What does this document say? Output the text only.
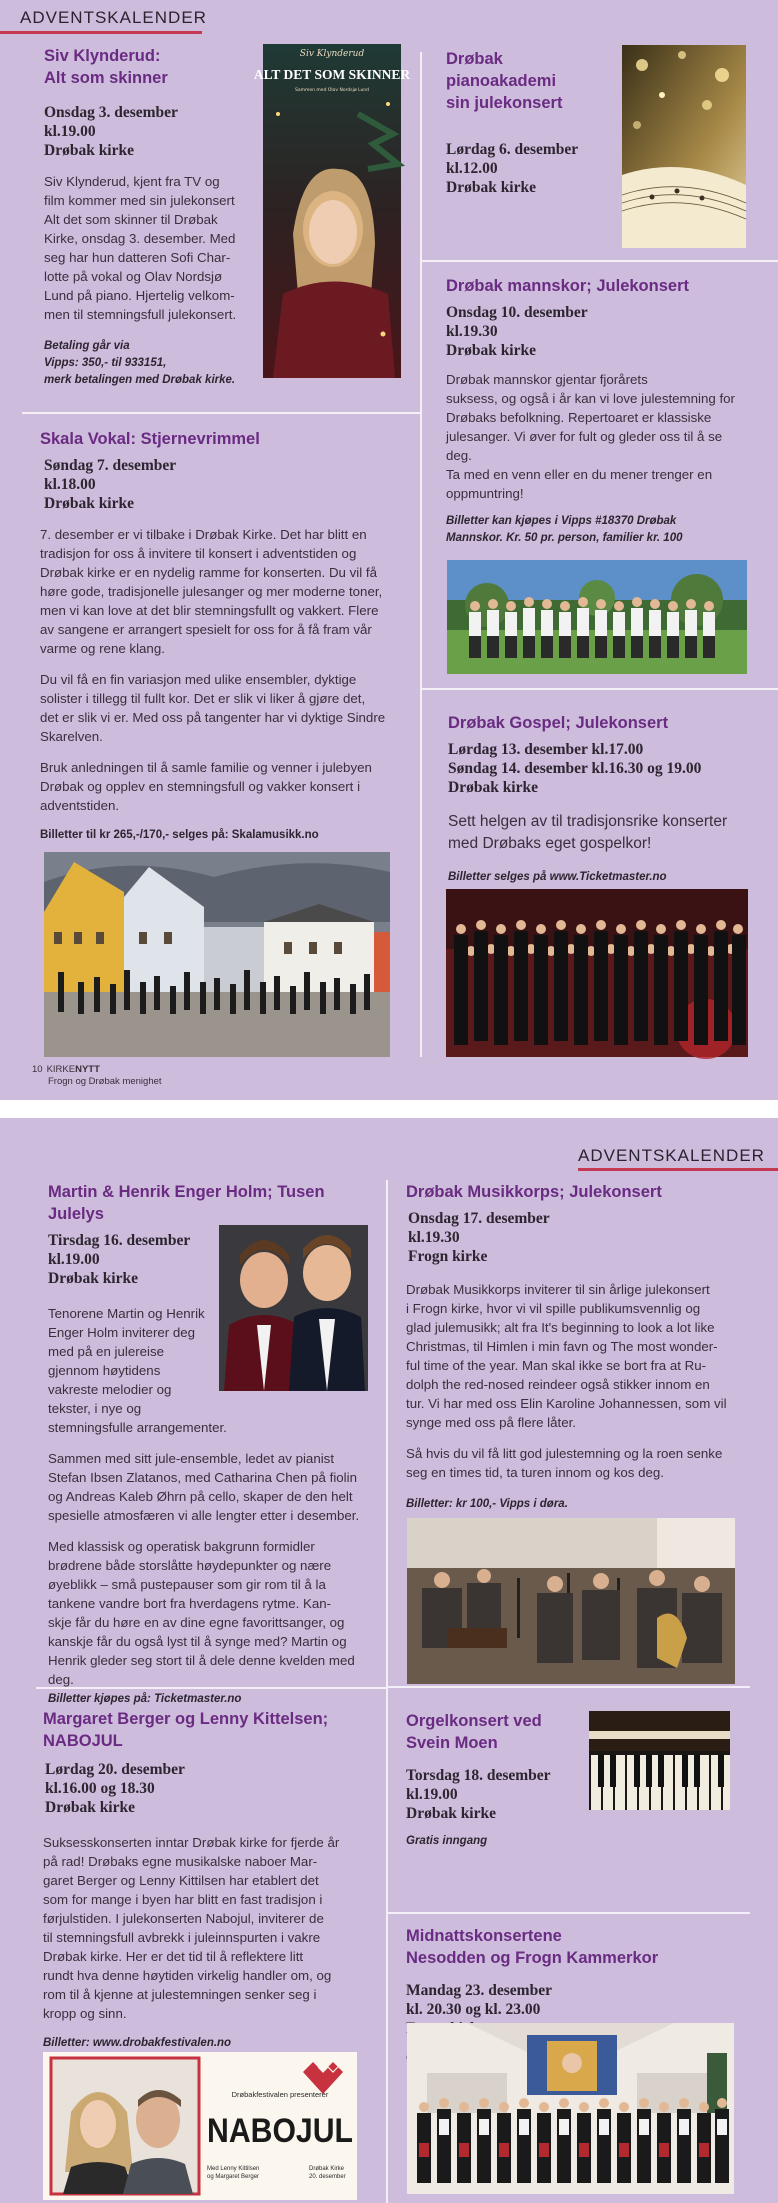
ADVENTSKALENDER
Siv Klynderud:
Alt som skinner
Onsdag 3. desember
kl.19.00
Drøbak kirke
Siv Klynderud, kjent fra TV og
film kommer med sin julekonsert
Alt det som skinner til Drøbak
Kirke, onsdag 3. desember. Med
seg har hun datteren Sofi Char-
lotte på vokal og Olav Nordsjø
Lund på piano. Hjertelig velkom-
men til stemningsfull julekonsert.
Betaling går via
Vipps: 350,- til 933151,
merk betalingen med Drøbak kirke.
Siv Klynderud
ALT DET SOM SKINNER
Sammen med Olav Nordsjø Lund
Drøbak pianoakademi
sin julekonsert
Lørdag 6. desember
kl.12.00
Drøbak kirke
Drøbak mannskor; Julekonsert
Onsdag 10. desember
kl.19.30
Drøbak kirke
Drøbak mannskor gjentar fjorårets
suksess, og også i år kan vi love julestemning for
Drøbaks befolkning. Repertoaret er klassiske
julesanger. Vi øver for fult og gleder oss til å se
deg.
Ta med en venn eller en du mener trenger en
oppmuntring!
Billetter kan kjøpes i Vipps #18370 Drøbak
Mannskor. Kr. 50 pr. person, familier kr. 100
Skala Vokal: Stjernevrimmel
Søndag 7. desember
kl.18.00
Drøbak kirke
7. desember er vi tilbake i Drøbak Kirke. Det har blitt en
tradisjon for oss å invitere til konsert i adventstiden og
Drøbak kirke er en nydelig ramme for konserten. Du vil få
høre gode, tradisjonelle julesanger og mer moderne toner,
men vi kan love at det blir stemningsfullt og vakkert. Flere
av sangene er arrangert spesielt for oss for å få fram vår
varme og rene klang.
Du vil få en fin variasjon med ulike ensembler, dyktige
solister i tillegg til fullt kor. Det er slik vi liker å gjøre det,
det er slik vi er. Med oss på tangenter har vi dyktige Sindre
Skarelven.
Bruk anledningen til å samle familie og venner i julebyen
Drøbak og opplev en stemningsfull og vakker konsert i
adventstiden.
Billetter til kr 265,-/170,- selges på: Skalamusikk.no
Drøbak Gospel; Julekonsert
Lørdag 13. desember kl.17.00
Søndag 14. desember kl.16.30 og 19.00
Drøbak kirke
Sett helgen av til tradisjonsrike konserter
med Drøbaks eget gospelkor!
Billetter selges på www.Ticketmaster.no
10 KIRKENYTT
Frogn og Drøbak menighet
ADVENTSKALENDER
Martin & Henrik Enger Holm; Tusen Julelys
Tirsdag 16. desember
kl.19.00
Drøbak kirke
Tenorene Martin og Henrik
Enger Holm inviterer deg
med på en julereise
gjennom høytidens
vakreste melodier og
tekster, i nye og
stemningsfulle arrangementer.
Sammen med sitt jule-ensemble, ledet av pianist
Stefan Ibsen Zlatanos, med Catharina Chen på fiolin
og Andreas Kaleb Øhrn på cello, skaper de den helt
spesielle atmosfæren vi alle lengter etter i desember.
Med klassisk og operatisk bakgrunn formidler
brødrene både storslåtte høydepunkter og nære
øyeblikk – små pustepauser som gir rom til å la
tankene vandre bort fra hverdagens rytme. Kan-
skje får du høre en av dine egne favorittsanger, og
kanskje får du også lyst til å synge med? Martin og
Henrik gleder seg stort til å dele denne kvelden med
deg.
Billetter kjøpes på: Ticketmaster.no
Drøbak Musikkorps; Julekonsert
Onsdag 17. desember
kl.19.30
Frogn kirke
Drøbak Musikkorps inviterer til sin årlige julekonsert
i Frogn kirke, hvor vi vil spille publikumsvennlig og
glad julemusikk; alt fra It's beginning to look a lot like
Christmas, til Himlen i min favn og The most wonder-
ful time of the year. Man skal ikke se bort fra at Ru-
dolph the red-nosed reindeer også stikker innom en
tur. Vi har med oss Elin Karoline Johannessen, som vil
synge med oss på flere låter.
Så hvis du vil få litt god julestemning og la roen senke
seg en times tid, ta turen innom og kos deg.
Billetter: kr 100,- Vipps i døra.
Margaret Berger og Lenny Kittelsen;
NABOJUL
Lørdag 20. desember
kl.16.00 og 18.30
Drøbak kirke
Suksesskonserten inntar Drøbak kirke for fjerde år
på rad! Drøbaks egne musikalske naboer Mar-
garet Berger og Lenny Kittilsen har etablert det
som for mange i byen har blitt en fast tradisjon i
førjulstiden. I julekonserten Nabojul, inviterer de
til stemningsfull avbrekk i juleinnspurten i vakre
Drøbak kirke. Her er det tid til å reflektere litt
rundt hva denne høytiden virkelig handler om, og
rom til å kjenne at julestemningen senker seg i
kropp og sinn.
Billetter: www.drobakfestivalen.no
Drøbakfestivalen presenterer
NABOJUL
Med Lenny Kittilsen
og Margaret Berger
Drøbak Kirke
20. desember
Orgelkonsert ved
Svein Moen
Torsdag 18. desember
kl.19.00
Drøbak kirke
Gratis inngang
Midnattskonsertene
Nesodden og Frogn Kammerkor
Mandag 23. desember
kl. 20.30 og kl. 23.00
